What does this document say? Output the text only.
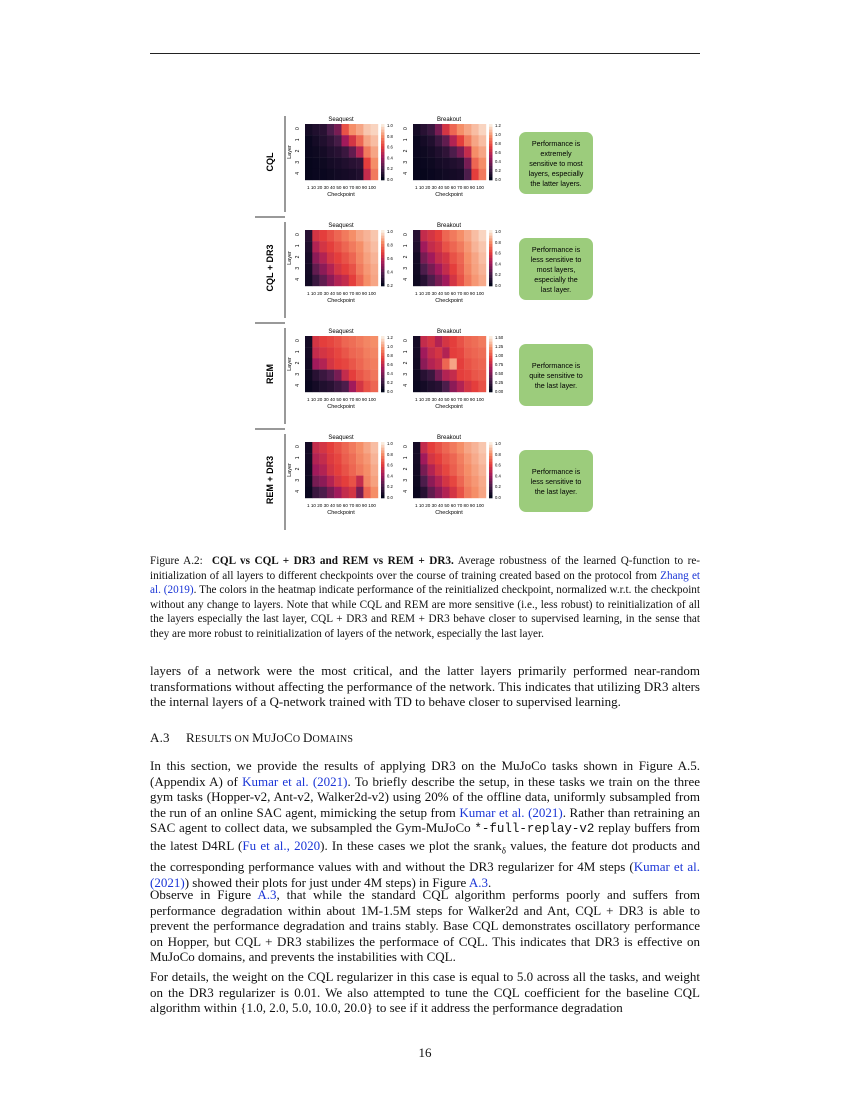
CQL
Seaquest
0
1
2
3
4
Layer
1 10 20 30 40 50 60 70 80 90 100
Checkpoint
1.0
0.8
0.6
0.4
0.2
0.0
Breakout
0
1
2
3
4
1 10 20 30 40 50 60 70 80 90 100
Checkpoint
1.2
1.0
0.8
0.6
0.4
0.2
0.0
Performance is
extremely
sensitive to most
layers, especially
the latter layers.
CQL + DR3
Seaquest
0
1
2
3
4
Layer
1 10 20 30 40 50 60 70 80 90 100
Checkpoint
1.0
0.8
0.6
0.4
0.2
Breakout
0
1
2
3
4
1 10 20 30 40 50 60 70 80 90 100
Checkpoint
1.0
0.8
0.6
0.4
0.2
0.0
Performance is
less sensitive to
most layers,
especially the
last layer.
REM
Seaquest
0
1
2
3
4
Layer
1 10 20 30 40 50 60 70 80 90 100
Checkpoint
1.2
1.0
0.8
0.6
0.4
0.2
0.0
Breakout
0
1
2
3
4
1 10 20 30 40 50 60 70 80 90 100
Checkpoint
1.50
1.25
1.00
0.75
0.50
0.25
0.00
Performance is
quite sensitive to
the last layer.
REM + DR3
Seaquest
0
1
2
3
4
Layer
1 10 20 30 40 50 60 70 80 90 100
Checkpoint
1.0
0.8
0.6
0.4
0.2
0.0
Breakout
0
1
2
3
4
1 10 20 30 40 50 60 70 80 90 100
Checkpoint
1.0
0.8
0.6
0.4
0.2
0.0
Performance is
less sensitive to
the last layer.
Figure A.2: CQL vs CQL + DR3 and REM vs REM + DR3. Average robustness of the learned Q-function to re-initialization of all layers to different checkpoints over the course of training created based on the protocol from Zhang et al. (2019). The colors in the heatmap indicate performance of the reinitialized checkpoint, normalized w.r.t. the checkpoint without any change to layers. Note that while CQL and REM are more sensitive (i.e., less robust) to reinitialization of all the layers especially the last layer, CQL + DR3 and REM + DR3 behave closer to supervised learning, in the sense that they are more robust to reinitialization of layers of the network, especially the last layer.

layers of a network were the most critical, and the latter layers primarily performed near-random transformations without affecting the performance of the network. This indicates that utilizing DR3 alters the internal layers of a Q-network trained with TD to behave closer to supervised learning.

A.3 RESULTS ON MUJOCO DOMAINS

In this section, we provide the results of applying DR3 on the MuJoCo tasks shown in Figure A.5. (Appendix A) of Kumar et al. (2021). To briefly describe the setup, in these tasks we train on the three gym tasks (Hopper-v2, Ant-v2, Walker2d-v2) using 20% of the offline data, uniformly subsampled from the run of an online SAC agent, mimicking the setup from Kumar et al. (2021). Rather than retraining an SAC agent to collect data, we subsampled the Gym-MuJoCo *-full-replay-v2 replay buffers from the latest D4RL (Fu et al., 2020). In these cases we plot the srank$_\delta$ values, the feature dot products and the corresponding performance values with and without the DR3 regularizer for 4M steps (Kumar et al. (2021)) showed their plots for just under 4M steps) in Figure A.3.

Observe in Figure A.3, that while the standard CQL algorithm performs poorly and suffers from performance degradation within about 1M-1.5M steps for Walker2d and Ant, CQL + DR3 is able to prevent the performance degradation and trains stably. Base CQL demonstrates oscillatory performance on Hopper, but CQL + DR3 stabilizes the performace of CQL. This indicates that DR3 is effective on MuJoCo domains, and prevents the instabilities with CQL.

For details, the weight on the CQL regularizer in this case is equal to 5.0 across all the tasks, and weight on the DR3 regularizer is 0.01. We also attempted to tune the CQL coefficient for the baseline CQL algorithm within {1.0, 2.0, 5.0, 10.0, 20.0} to see if it address the performance degradation

16
